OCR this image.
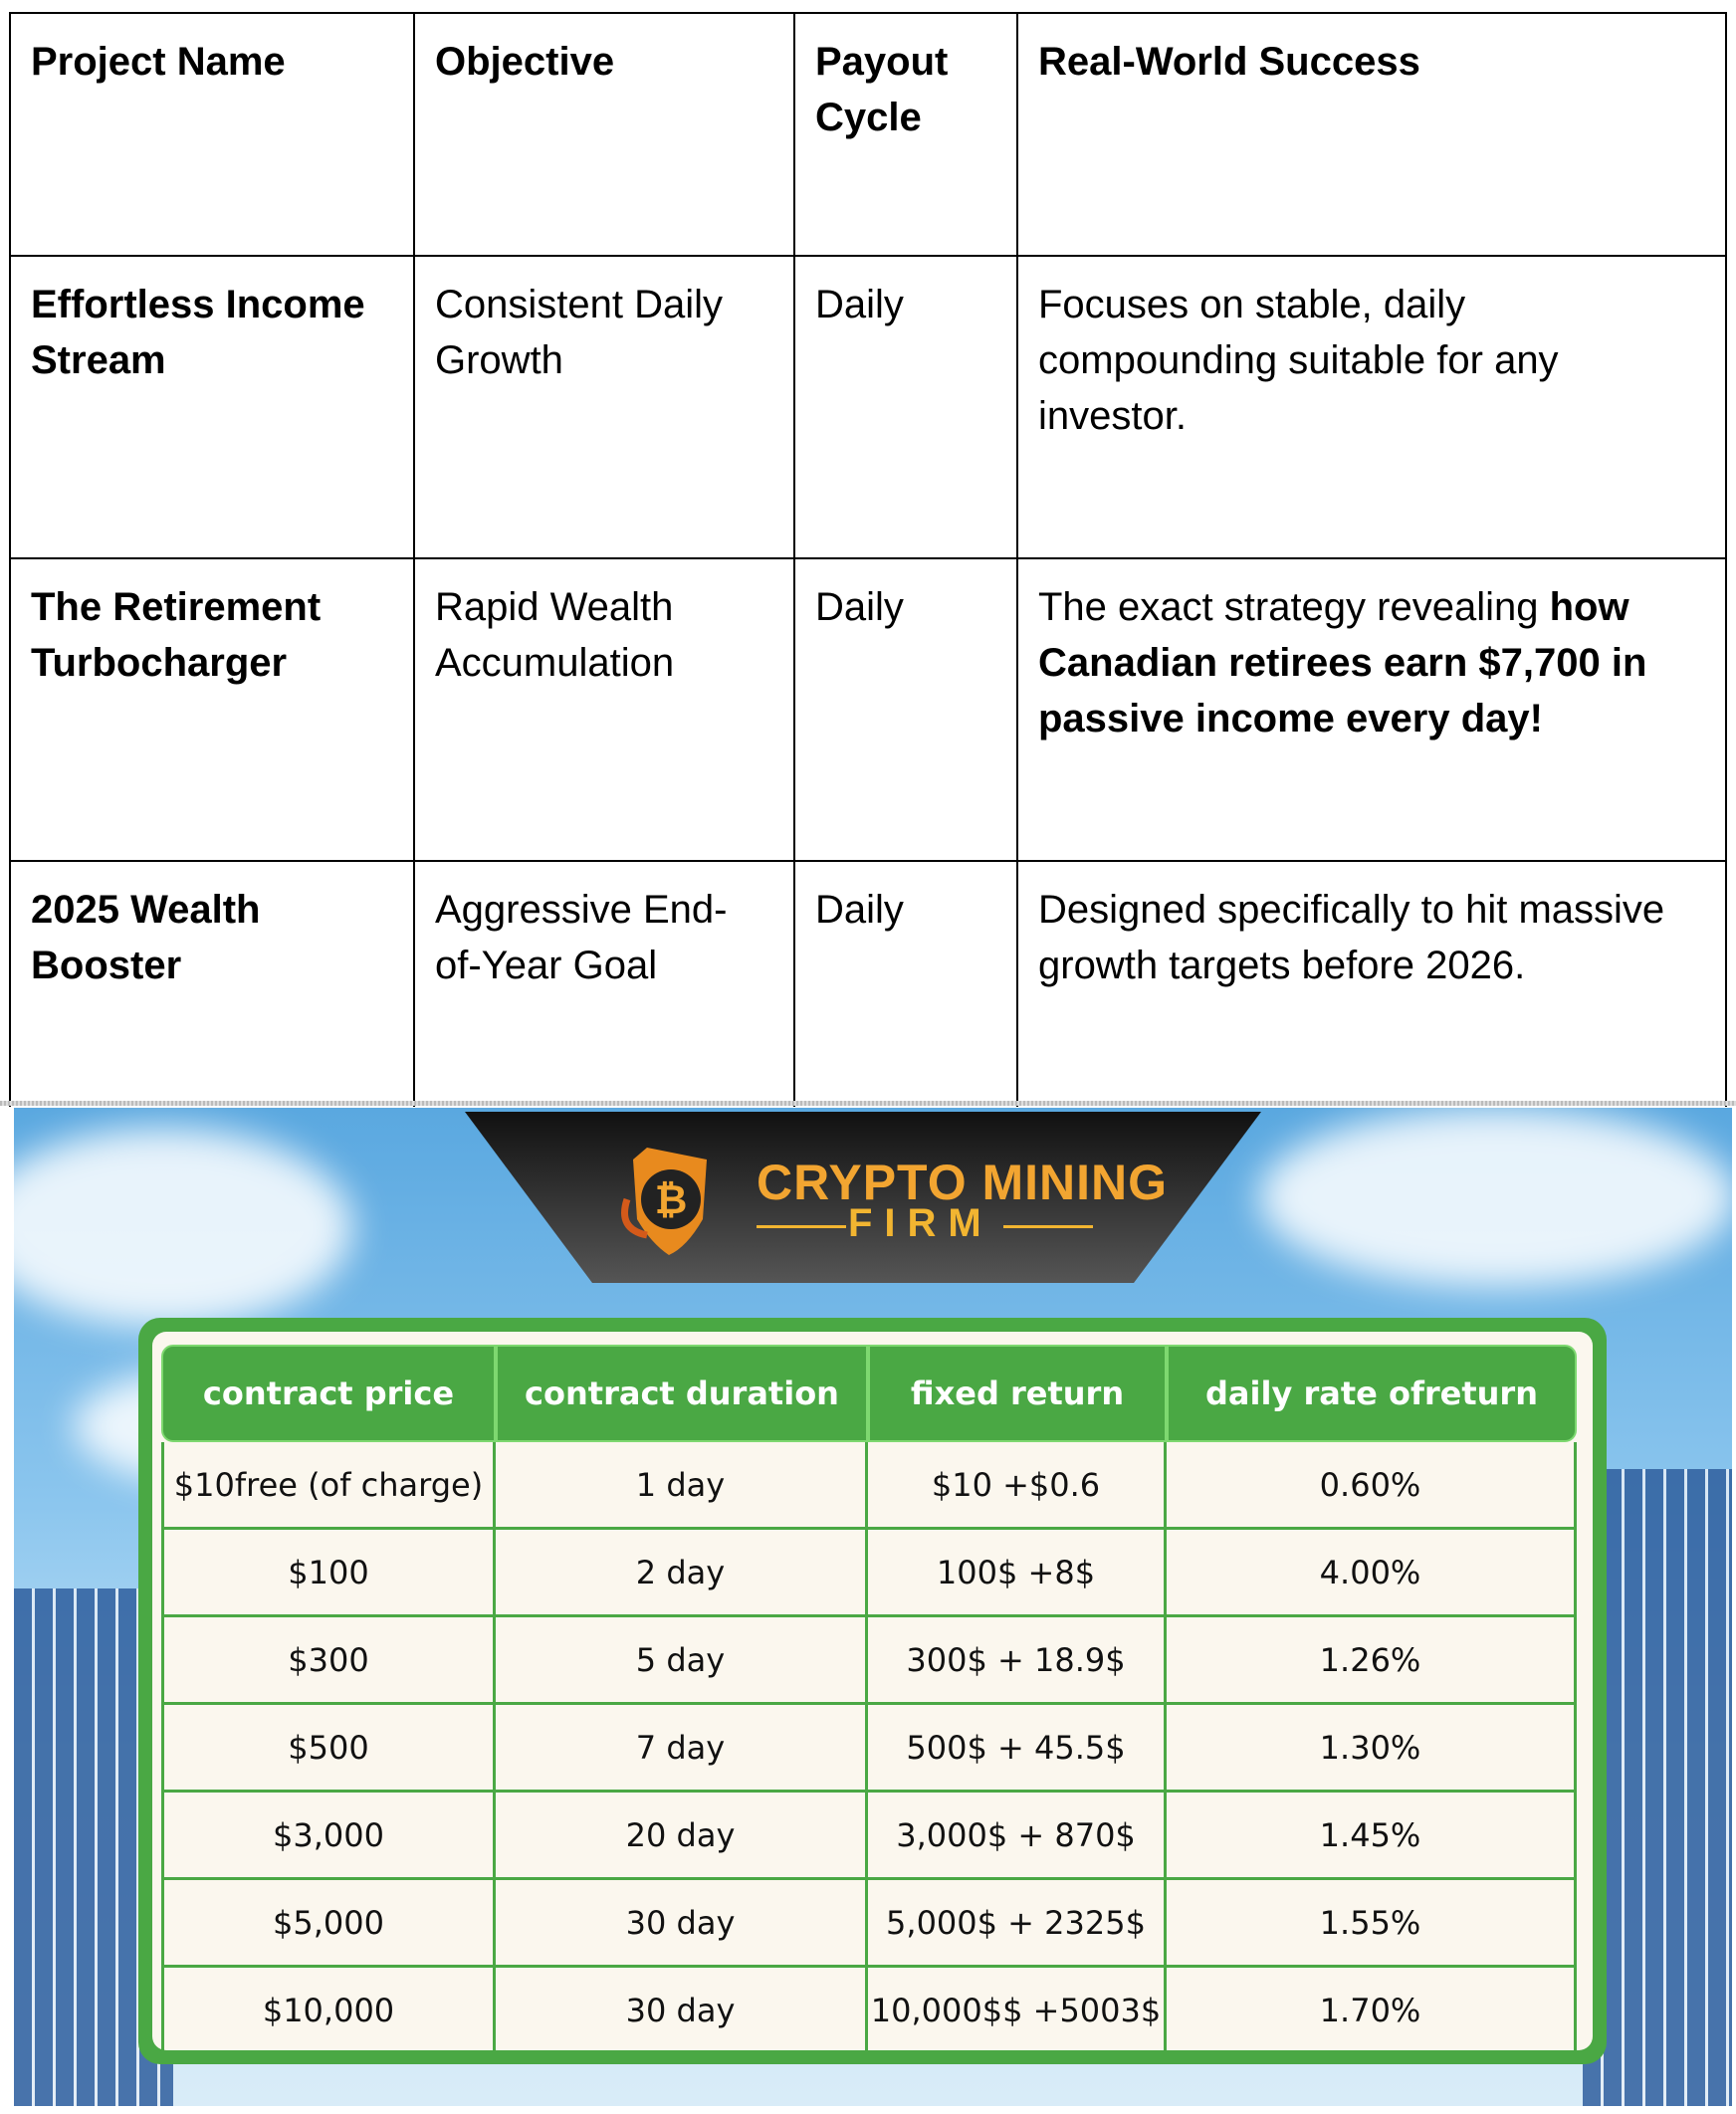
Project Name	Objective	Payout Cycle	Real-World Success
Effortless Income Stream	Consistent Daily Growth	Daily	Focuses on stable, daily compounding suitable for any investor.
The Retirement Turbocharger	Rapid Wealth Accumulation	Daily	The exact strategy revealing how Canadian retirees earn $7,700 in passive income every day!
2025 Wealth Booster	Aggressive End-of-Year Goal	Daily	Designed specifically to hit massive growth targets before 2026.
₿ CRYPTO MINING
FIRM
contract price	contract duration	fixed return	daily rate ofreturn
$10free (of charge)	1 day	$10 +$0.6	0.60%
$100	2 day	100$ +8$	4.00%
$300	5 day	300$ + 18.9$	1.26%
$500	7 day	500$ + 45.5$	1.30%
$3,000	20 day	3,000$ + 870$	1.45%
$5,000	30 day	5,000$ + 2325$	1.55%
$10,000	30 day	10,000$$ +5003$	1.70%
